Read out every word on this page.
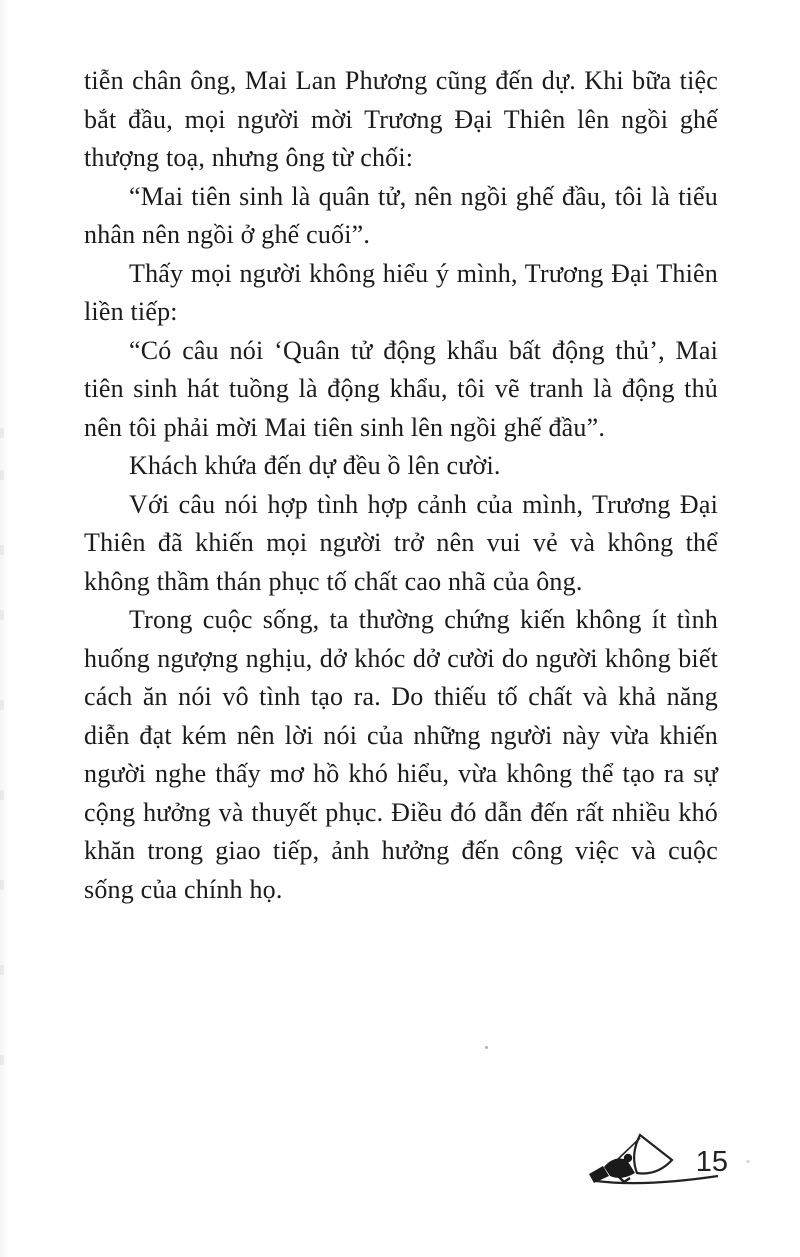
tiễn chân ông, Mai Lan Phương cũng đến dự. Khi bữa tiệc bắt đầu, mọi người mời Trương Đại Thiên lên ngồi ghế thượng toạ, nhưng ông từ chối:

“Mai tiên sinh là quân tử, nên ngồi ghế đầu, tôi là tiểu nhân nên ngồi ở ghế cuối”.

Thấy mọi người không hiểu ý mình, Trương Đại Thiên liền tiếp:

“Có câu nói ‘Quân tử động khẩu bất động thủ’, Mai tiên sinh hát tuồng là động khẩu, tôi vẽ tranh là động thủ nên tôi phải mời Mai tiên sinh lên ngồi ghế đầu”.

Khách khứa đến dự đều ồ lên cười.

Với câu nói hợp tình hợp cảnh của mình, Trương Đại Thiên đã khiến mọi người trở nên vui vẻ và không thể không thầm thán phục tố chất cao nhã của ông.

Trong cuộc sống, ta thường chứng kiến không ít tình huống ngượng nghịu, dở khóc dở cười do người không biết cách ăn nói vô tình tạo ra. Do thiếu tố chất và khả năng diễn đạt kém nên lời nói của những người này vừa khiến người nghe thấy mơ hồ khó hiểu, vừa không thể tạo ra sự cộng hưởng và thuyết phục. Điều đó dẫn đến rất nhiều khó khăn trong giao tiếp, ảnh hưởng đến công việc và cuộc sống của chính họ.

15
